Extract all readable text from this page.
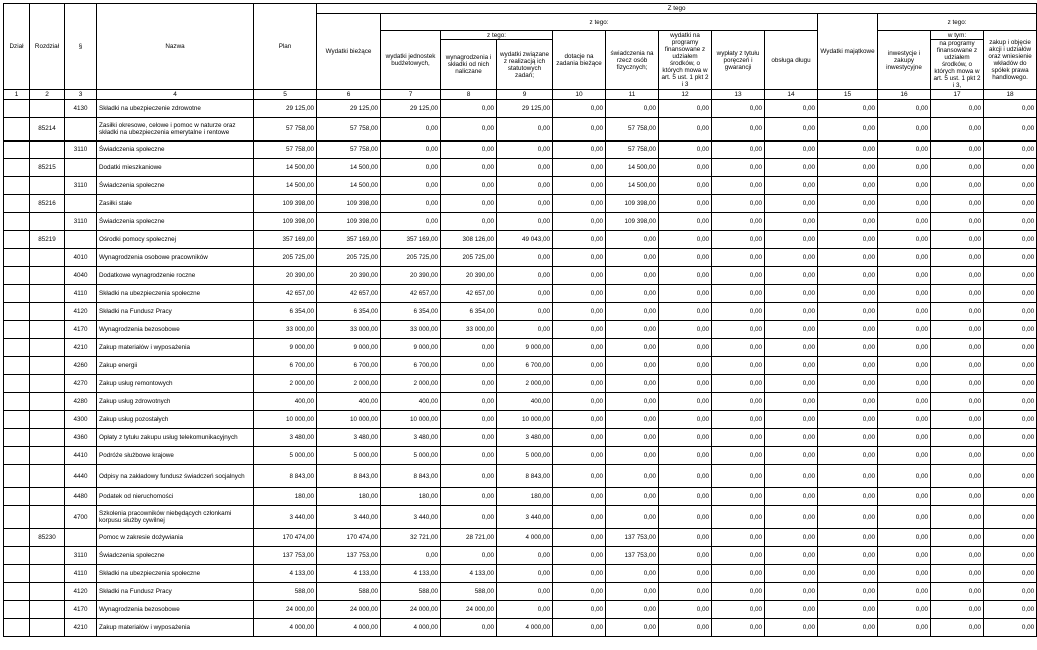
Dział	Rozdział	§	Nazwa	Plan	Z tego												
					Wydatki bieżące	z tego:								Wydatki majątkowe	z tego:		
						wydatki jednostek budżetowych,	z tego:		dotacje na zadania bieżące	świadczenia na rzecz osób fizycznych;	wydatki na programy finansowane z udziałem środków, o których mowa w art. 5 ust. 1 pkt 2 i 3	wypłaty z tytułu poręczeń i gwarancji	obsługa długu		inwestycje i zakupy inwestycyjne	w tym:	zakup i objęcie akcji i udziałów oraz wniesienie wkładów do spółek prawa handlowego.
							wynagrodzenia i składki od nich naliczane	wydatki związane z realizacją ich statutowych zadań;								na programy finansowane z udziałem środków, o których mowa w art. 5 ust. 1 pkt 2 i 3,	
1	2	3	4	5	6	7	8	9	10	11	12	13	14	15	16	17	18
		4130	Składki na ubezpieczenie zdrowotne	29 125,00	29 125,00	29 125,00	0,00	29 125,00	0,00	0,00	0,00	0,00	0,00	0,00	0,00	0,00	0,00
	85214		Zasiłki okresowe, celowe i pomoc w naturze oraz składki na ubezpieczenia emerytalne i rentowe	57 758,00	57 758,00	0,00	0,00	0,00	0,00	57 758,00	0,00	0,00	0,00	0,00	0,00	0,00	0,00
		3110	Świadczenia społeczne	57 758,00	57 758,00	0,00	0,00	0,00	0,00	57 758,00	0,00	0,00	0,00	0,00	0,00	0,00	0,00
	85215		Dodatki mieszkaniowe	14 500,00	14 500,00	0,00	0,00	0,00	0,00	14 500,00	0,00	0,00	0,00	0,00	0,00	0,00	0,00
		3110	Świadczenia społeczne	14 500,00	14 500,00	0,00	0,00	0,00	0,00	14 500,00	0,00	0,00	0,00	0,00	0,00	0,00	0,00
	85216		Zasiłki stałe	109 398,00	109 398,00	0,00	0,00	0,00	0,00	109 398,00	0,00	0,00	0,00	0,00	0,00	0,00	0,00
		3110	Świadczenia społeczne	109 398,00	109 398,00	0,00	0,00	0,00	0,00	109 398,00	0,00	0,00	0,00	0,00	0,00	0,00	0,00
	85219		Ośrodki pomocy społecznej	357 169,00	357 169,00	357 169,00	308 126,00	49 043,00	0,00	0,00	0,00	0,00	0,00	0,00	0,00	0,00	0,00
		4010	Wynagrodzenia osobowe pracowników	205 725,00	205 725,00	205 725,00	205 725,00	0,00	0,00	0,00	0,00	0,00	0,00	0,00	0,00	0,00	0,00
		4040	Dodatkowe wynagrodzenie roczne	20 390,00	20 390,00	20 390,00	20 390,00	0,00	0,00	0,00	0,00	0,00	0,00	0,00	0,00	0,00	0,00
		4110	Składki na ubezpieczenia społeczne	42 657,00	42 657,00	42 657,00	42 657,00	0,00	0,00	0,00	0,00	0,00	0,00	0,00	0,00	0,00	0,00
		4120	Składki na Fundusz Pracy	6 354,00	6 354,00	6 354,00	6 354,00	0,00	0,00	0,00	0,00	0,00	0,00	0,00	0,00	0,00	0,00
		4170	Wynagrodzenia bezosobowe	33 000,00	33 000,00	33 000,00	33 000,00	0,00	0,00	0,00	0,00	0,00	0,00	0,00	0,00	0,00	0,00
		4210	Zakup materiałów i wyposażenia	9 000,00	9 000,00	9 000,00	0,00	9 000,00	0,00	0,00	0,00	0,00	0,00	0,00	0,00	0,00	0,00
		4260	Zakup energii	6 700,00	6 700,00	6 700,00	0,00	6 700,00	0,00	0,00	0,00	0,00	0,00	0,00	0,00	0,00	0,00
		4270	Zakup usług remontowych	2 000,00	2 000,00	2 000,00	0,00	2 000,00	0,00	0,00	0,00	0,00	0,00	0,00	0,00	0,00	0,00
		4280	Zakup usług zdrowotnych	400,00	400,00	400,00	0,00	400,00	0,00	0,00	0,00	0,00	0,00	0,00	0,00	0,00	0,00
		4300	Zakup usług pozostałych	10 000,00	10 000,00	10 000,00	0,00	10 000,00	0,00	0,00	0,00	0,00	0,00	0,00	0,00	0,00	0,00
		4360	Opłaty z tytułu zakupu usług telekomunikacyjnych	3 480,00	3 480,00	3 480,00	0,00	3 480,00	0,00	0,00	0,00	0,00	0,00	0,00	0,00	0,00	0,00
		4410	Podróże służbowe krajowe	5 000,00	5 000,00	5 000,00	0,00	5 000,00	0,00	0,00	0,00	0,00	0,00	0,00	0,00	0,00	0,00
		4440	Odpisy na zakładowy fundusz świadczeń socjalnych	8 843,00	8 843,00	8 843,00	0,00	8 843,00	0,00	0,00	0,00	0,00	0,00	0,00	0,00	0,00	0,00
		4480	Podatek od nieruchomości	180,00	180,00	180,00	0,00	180,00	0,00	0,00	0,00	0,00	0,00	0,00	0,00	0,00	0,00
		4700	Szkolenia pracowników niebędących członkami korpusu służby cywilnej	3 440,00	3 440,00	3 440,00	0,00	3 440,00	0,00	0,00	0,00	0,00	0,00	0,00	0,00	0,00	0,00
	85230		Pomoc w zakresie dożywiania	170 474,00	170 474,00	32 721,00	28 721,00	4 000,00	0,00	137 753,00	0,00	0,00	0,00	0,00	0,00	0,00	0,00
		3110	Świadczenia społeczne	137 753,00	137 753,00	0,00	0,00	0,00	0,00	137 753,00	0,00	0,00	0,00	0,00	0,00	0,00	0,00
		4110	Składki na ubezpieczenia społeczne	4 133,00	4 133,00	4 133,00	4 133,00	0,00	0,00	0,00	0,00	0,00	0,00	0,00	0,00	0,00	0,00
		4120	Składki na Fundusz Pracy	588,00	588,00	588,00	588,00	0,00	0,00	0,00	0,00	0,00	0,00	0,00	0,00	0,00	0,00
		4170	Wynagrodzenia bezosobowe	24 000,00	24 000,00	24 000,00	24 000,00	0,00	0,00	0,00	0,00	0,00	0,00	0,00	0,00	0,00	0,00
		4210	Zakup materiałów i wyposażenia	4 000,00	4 000,00	4 000,00	0,00	4 000,00	0,00	0,00	0,00	0,00	0,00	0,00	0,00	0,00	0,00
